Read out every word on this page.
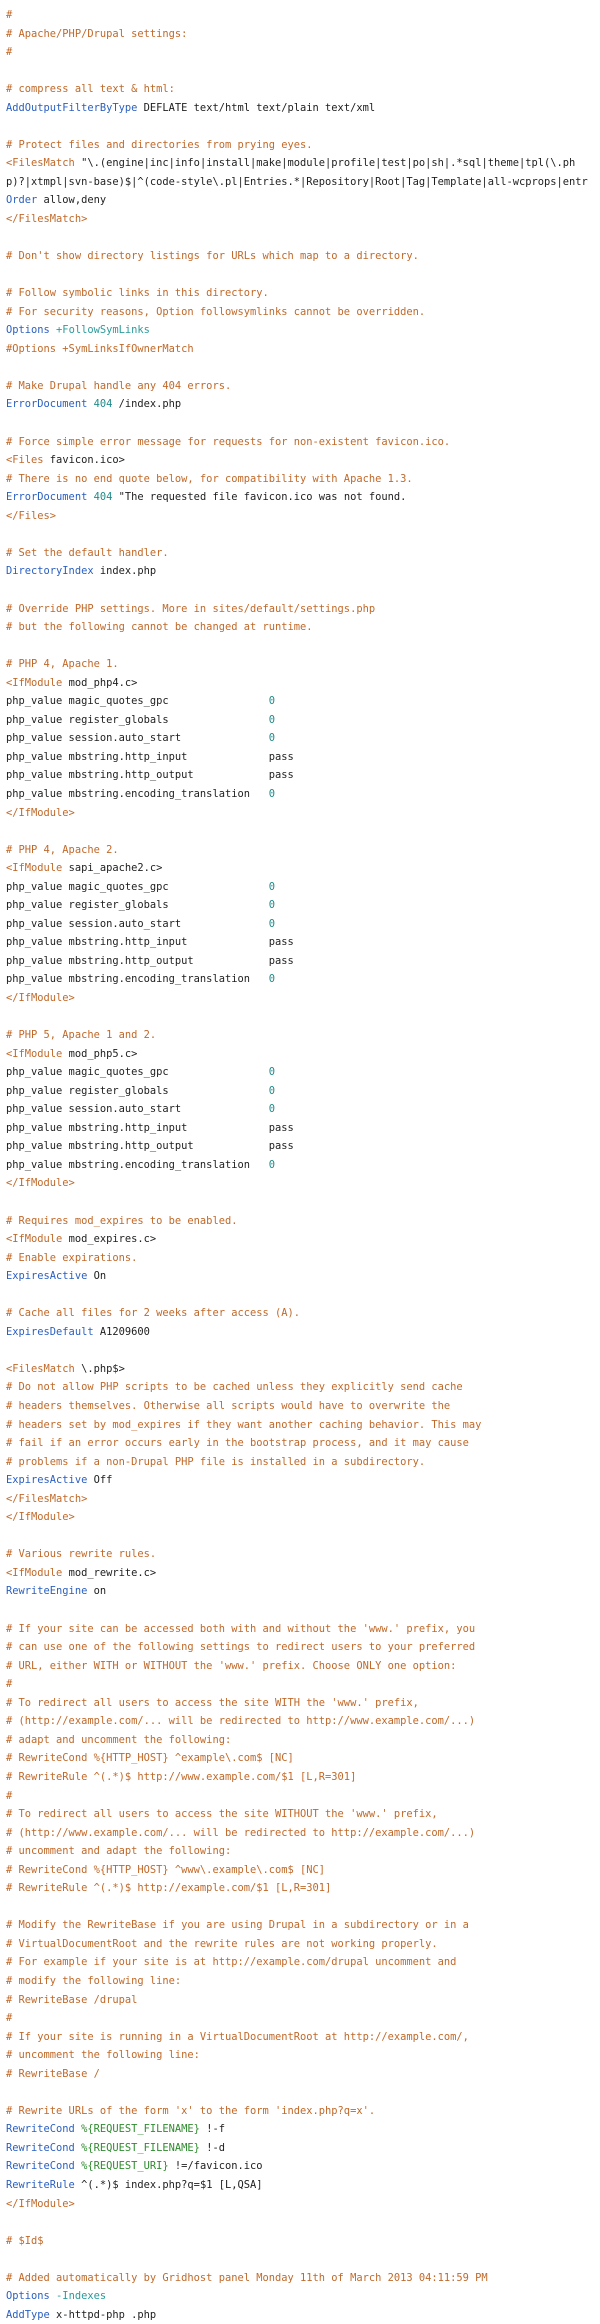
#
# Apache/PHP/Drupal settings:
#
# compress all text & html:
AddOutputFilterByType DEFLATE text/html text/plain text/xml
# Protect files and directories from prying eyes.
<FilesMatch "\.(engine|inc|info|install|make|module|profile|test|po|sh|.*sql|theme|tpl(\.php)?|xtmpl|svn-base)$|^(code-style\.pl|Entries.*|Repository|Root|Tag|Template|all-wcprops|entr
Order allow,deny
</FilesMatch>
# Don't show directory listings for URLs which map to a directory.
# Follow symbolic links in this directory.
# For security reasons, Option followsymlinks cannot be overridden.
Options +FollowSymLinks
#Options +SymLinksIfOwnerMatch
# Make Drupal handle any 404 errors.
ErrorDocument 404 /index.php
# Force simple error message for requests for non-existent favicon.ico.
<Files favicon.ico>
# There is no end quote below, for compatibility with Apache 1.3.
ErrorDocument 404 "The requested file favicon.ico was not found.
</Files>
# Set the default handler.
DirectoryIndex index.php
# Override PHP settings. More in sites/default/settings.php
# but the following cannot be changed at runtime.
# PHP 4, Apache 1.
<IfModule mod_php4.c>
php_value magic_quotes_gpc                0
php_value register_globals                0
php_value session.auto_start              0
php_value mbstring.http_input             pass
php_value mbstring.http_output            pass
php_value mbstring.encoding_translation   0
</IfModule>
# PHP 4, Apache 2.
<IfModule sapi_apache2.c>
php_value magic_quotes_gpc                0
php_value register_globals                0
php_value session.auto_start              0
php_value mbstring.http_input             pass
php_value mbstring.http_output            pass
php_value mbstring.encoding_translation   0
</IfModule>
# PHP 5, Apache 1 and 2.
<IfModule mod_php5.c>
php_value magic_quotes_gpc                0
php_value register_globals                0
php_value session.auto_start              0
php_value mbstring.http_input             pass
php_value mbstring.http_output            pass
php_value mbstring.encoding_translation   0
</IfModule>
# Requires mod_expires to be enabled.
<IfModule mod_expires.c>
# Enable expirations.
ExpiresActive On
# Cache all files for 2 weeks after access (A).
ExpiresDefault A1209600
<FilesMatch \.php$>
# Do not allow PHP scripts to be cached unless they explicitly send cache
# headers themselves. Otherwise all scripts would have to overwrite the
# headers set by mod_expires if they want another caching behavior. This may
# fail if an error occurs early in the bootstrap process, and it may cause
# problems if a non-Drupal PHP file is installed in a subdirectory.
ExpiresActive Off
</FilesMatch>
</IfModule>
# Various rewrite rules.
<IfModule mod_rewrite.c>
RewriteEngine on
# If your site can be accessed both with and without the 'www.' prefix, you
# can use one of the following settings to redirect users to your preferred
# URL, either WITH or WITHOUT the 'www.' prefix. Choose ONLY one option:
#
# To redirect all users to access the site WITH the 'www.' prefix,
# (http://example.com/... will be redirected to http://www.example.com/...)
# adapt and uncomment the following:
# RewriteCond %{HTTP_HOST} ^example\.com$ [NC]
# RewriteRule ^(.*)$ http://www.example.com/$1 [L,R=301]
#
# To redirect all users to access the site WITHOUT the 'www.' prefix,
# (http://www.example.com/... will be redirected to http://example.com/...)
# uncomment and adapt the following:
# RewriteCond %{HTTP_HOST} ^www\.example\.com$ [NC]
# RewriteRule ^(.*)$ http://example.com/$1 [L,R=301]
# Modify the RewriteBase if you are using Drupal in a subdirectory or in a
# VirtualDocumentRoot and the rewrite rules are not working properly.
# For example if your site is at http://example.com/drupal uncomment and
# modify the following line:
# RewriteBase /drupal
#
# If your site is running in a VirtualDocumentRoot at http://example.com/,
# uncomment the following line:
# RewriteBase /
# Rewrite URLs of the form 'x' to the form 'index.php?q=x'.
RewriteCond %{REQUEST_FILENAME} !-f
RewriteCond %{REQUEST_FILENAME} !-d
RewriteCond %{REQUEST_URI} !=/favicon.ico
RewriteRule ^(.*)$ index.php?q=$1 [L,QSA]
</IfModule>
# $Id$
# Added automatically by Gridhost panel Monday 11th of March 2013 04:11:59 PM
Options -Indexes
AddType x-httpd-php .php
